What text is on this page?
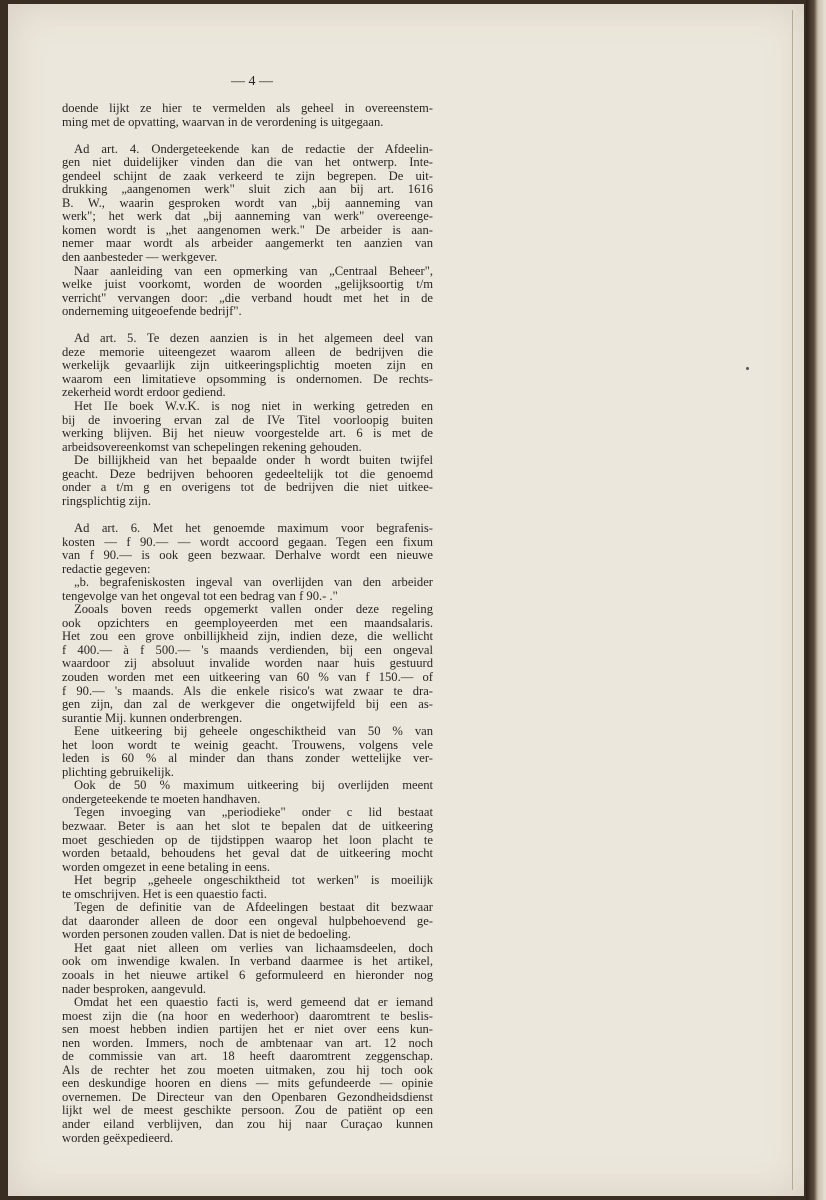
— 4 —
doende lijkt ze hier te vermelden als geheel in overeenstem-
ming met de opvatting, waarvan in de verordening is uitgegaan.
Ad art. 4. Ondergeteekende kan de redactie der Afdeelin-
gen niet duidelijker vinden dan die van het ontwerp. Inte-
gendeel schijnt de zaak verkeerd te zijn begrepen. De uit-
drukking „aangenomen werk" sluit zich aan bij art. 1616
B. W., waarin gesproken wordt van „bij aanneming van
werk"; het werk dat „bij aanneming van werk" overeenge-
komen wordt is „het aangenomen werk." De arbeider is aan-
nemer maar wordt als arbeider aangemerkt ten aanzien van
den aanbesteder — werkgever.
Naar aanleiding van een opmerking van „Centraal Beheer",
welke juist voorkomt, worden de woorden „gelijksoortig t/m
verricht" vervangen door: „die verband houdt met het in de
onderneming uitgeoefende bedrijf".
Ad art. 5. Te dezen aanzien is in het algemeen deel van
deze memorie uiteengezet waarom alleen de bedrijven die
werkelijk gevaarlijk zijn uitkeeringsplichtig moeten zijn en
waarom een limitatieve opsomming is ondernomen. De rechts-
zekerheid wordt erdoor gediend.
Het IIe boek W.v.K. is nog niet in werking getreden en
bij de invoering ervan zal de IVe Titel voorloopig buiten
werking blijven. Bij het nieuw voorgestelde art. 6 is met de
arbeidsovereenkomst van schepelingen rekening gehouden.
De billijkheid van het bepaalde onder h wordt buiten twijfel
geacht. Deze bedrijven behooren gedeeltelijk tot die genoemd
onder a t/m g en overigens tot de bedrijven die niet uitkee-
ringsplichtig zijn.
Ad art. 6. Met het genoemde maximum voor begrafenis-
kosten — f 90.— — wordt accoord gegaan. Tegen een fixum
van f 90.— is ook geen bezwaar. Derhalve wordt een nieuwe
redactie gegeven:
„b. begrafeniskosten ingeval van overlijden van den arbeider
tengevolge van het ongeval tot een bedrag van f 90.- ."
Zooals boven reeds opgemerkt vallen onder deze regeling
ook opzichters en geemployeerden met een maandsalaris.
Het zou een grove onbillijkheid zijn, indien deze, die wellicht
f 400.— à f 500.— 's maands verdienden, bij een ongeval
waardoor zij absoluut invalide worden naar huis gestuurd
zouden worden met een uitkeering van 60 % van f 150.— of
f 90.— 's maands. Als die enkele risico's wat zwaar te dra-
gen zijn, dan zal de werkgever die ongetwijfeld bij een as-
surantie Mij. kunnen onderbrengen.
Eene uitkeering bij geheele ongeschiktheid van 50 % van
het loon wordt te weinig geacht. Trouwens, volgens vele
leden is 60 % al minder dan thans zonder wettelijke ver-
plichting gebruikelijk.
Ook de 50 % maximum uitkeering bij overlijden meent
ondergeteekende te moeten handhaven.
Tegen invoeging van „periodieke" onder c lid bestaat
bezwaar. Beter is aan het slot te bepalen dat de uitkeering
moet geschieden op de tijdstippen waarop het loon placht te
worden betaald, behoudens het geval dat de uitkeering mocht
worden omgezet in eene betaling in eens.
Het begrip „geheele ongeschiktheid tot werken" is moeilijk
te omschrijven. Het is een quaestio facti.
Tegen de definitie van de Afdeelingen bestaat dit bezwaar
dat daaronder alleen de door een ongeval hulpbehoevend ge-
worden personen zouden vallen. Dat is niet de bedoeling.
Het gaat niet alleen om verlies van lichaamsdeelen, doch
ook om inwendige kwalen. In verband daarmee is het artikel,
zooals in het nieuwe artikel 6 geformuleerd en hieronder nog
nader besproken, aangevuld.
Omdat het een quaestio facti is, werd gemeend dat er iemand
moest zijn die (na hoor en wederhoor) daaromtrent te beslis-
sen moest hebben indien partijen het er niet over eens kun-
nen worden. Immers, noch de ambtenaar van art. 12 noch
de commissie van art. 18 heeft daaromtrent zeggenschap.
Als de rechter het zou moeten uitmaken, zou hij toch ook
een deskundige hooren en diens — mits gefundeerde — opinie
overnemen. De Directeur van den Openbaren Gezondheidsdienst
lijkt wel de meest geschikte persoon. Zou de patiënt op een
ander eiland verblijven, dan zou hij naar Curaçao kunnen
worden geëxpedieerd.
